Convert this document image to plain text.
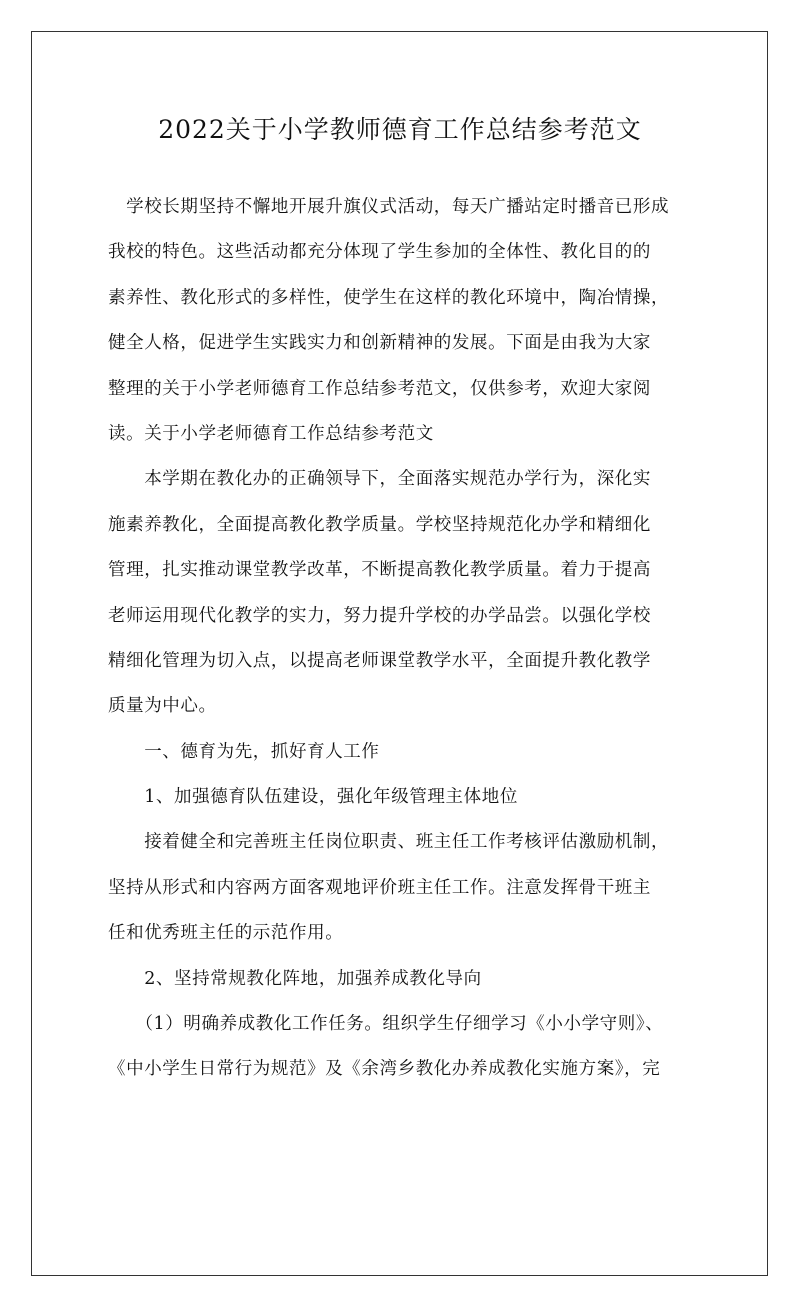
2022关于小学教师德育工作总结参考范文
　学校长期坚持不懈地开展升旗仪式活动，每天广播站定时播音已形成
我校的特色。这些活动都充分体现了学生参加的全体性、教化目的的
素养性、教化形式的多样性，使学生在这样的教化环境中，陶冶情操，
健全人格，促进学生实践实力和创新精神的发展。下面是由我为大家
整理的关于小学老师德育工作总结参考范文，仅供参考，欢迎大家阅
读。关于小学老师德育工作总结参考范文
　　本学期在教化办的正确领导下，全面落实规范办学行为，深化实
施素养教化，全面提高教化教学质量。学校坚持规范化办学和精细化
管理，扎实推动课堂教学改革，不断提高教化教学质量。着力于提高
老师运用现代化教学的实力，努力提升学校的办学品尝。以强化学校
精细化管理为切入点，以提高老师课堂教学水平，全面提升教化教学
质量为中心。
　　一、德育为先，抓好育人工作
　　1、加强德育队伍建设，强化年级管理主体地位
　　接着健全和完善班主任岗位职责、班主任工作考核评估激励机制，
坚持从形式和内容两方面客观地评价班主任工作。注意发挥骨干班主
任和优秀班主任的示范作用。
　　2、坚持常规教化阵地，加强养成教化导向
　　（1）明确养成教化工作任务。组织学生仔细学习《小小学守则》、
《中小学生日常行为规范》及《余湾乡教化办养成教化实施方案》，完
